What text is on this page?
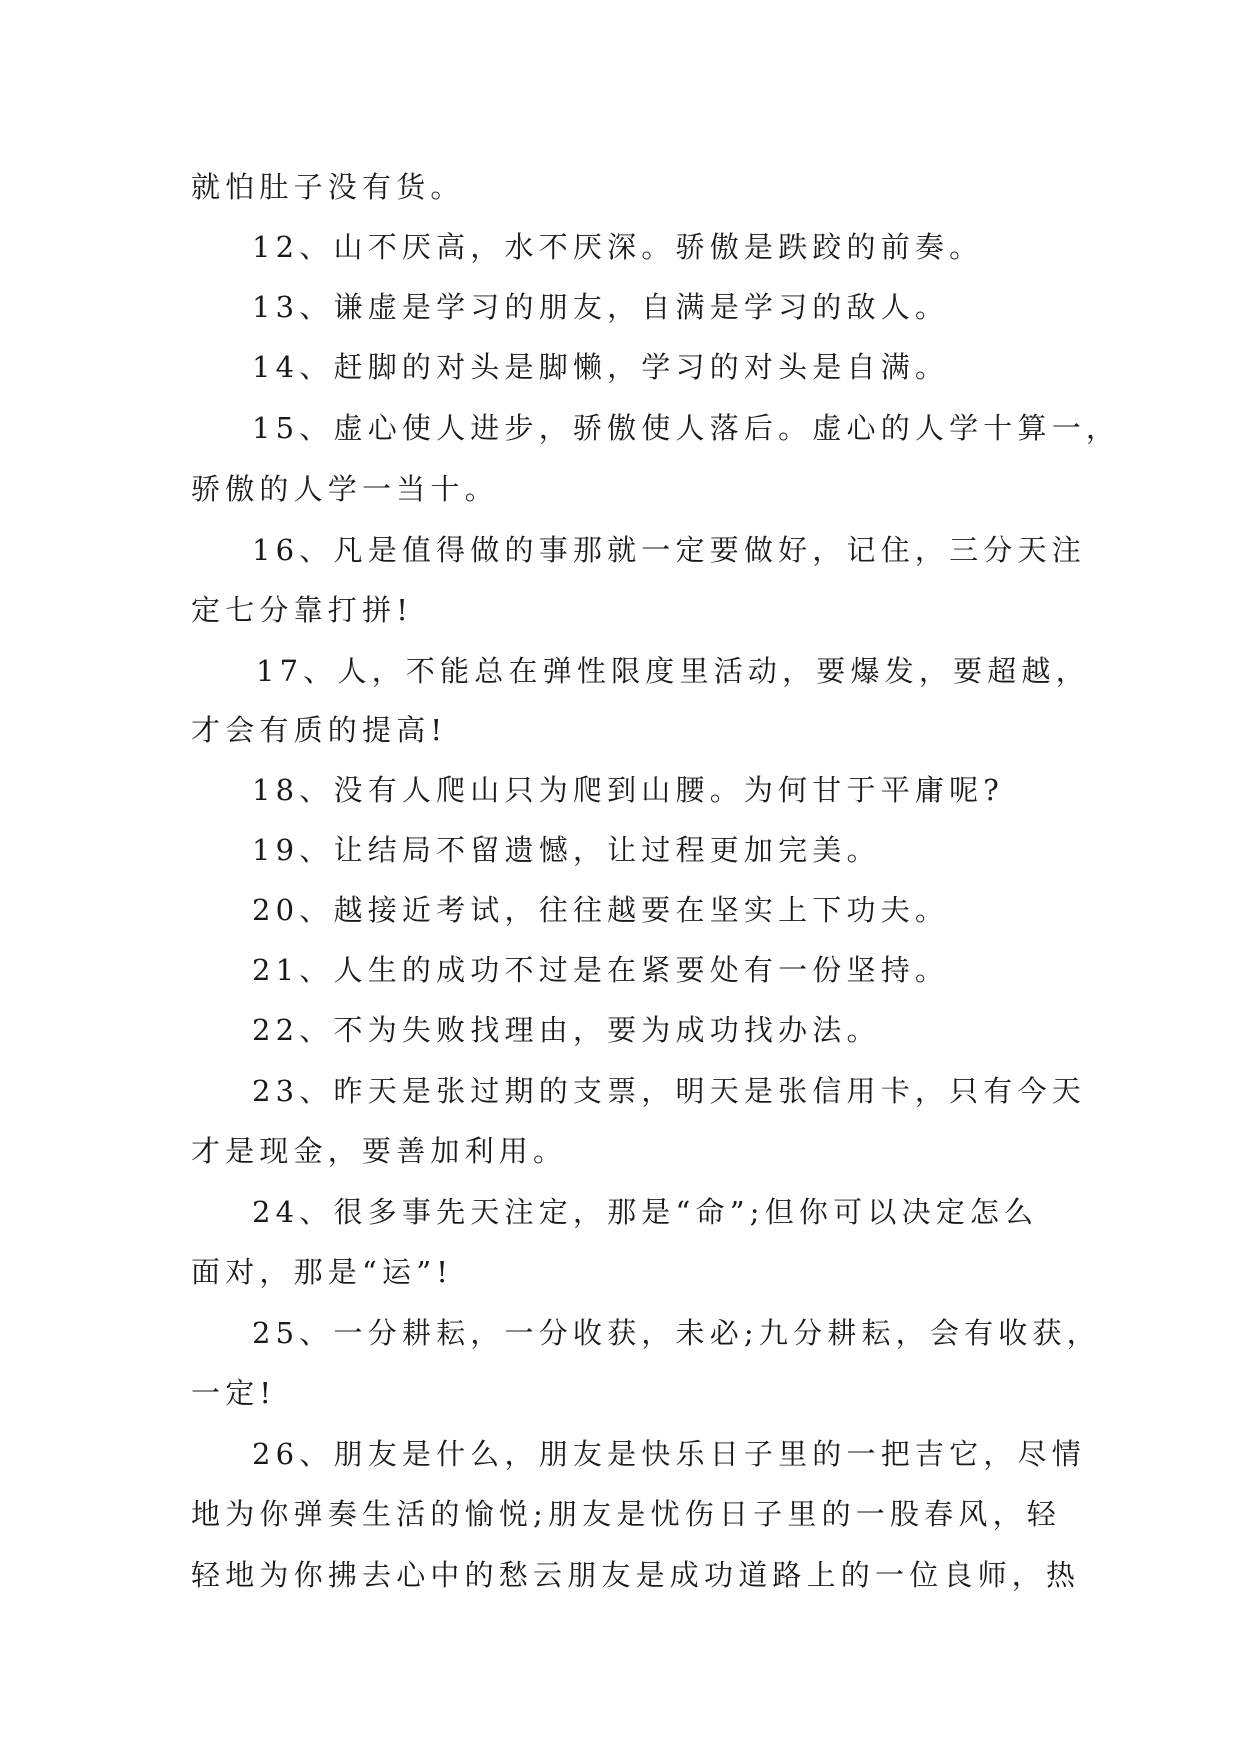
就怕肚子没有货。
12、山不厌高，水不厌深。骄傲是跌跤的前奏。
13、谦虚是学习的朋友，自满是学习的敌人。
14、赶脚的对头是脚懒，学习的对头是自满。
15、虚心使人进步，骄傲使人落后。虚心的人学十算一，
骄傲的人学一当十。
16、凡是值得做的事那就一定要做好，记住，三分天注
定七分靠打拼!
17、人，不能总在弹性限度里活动，要爆发，要超越，
才会有质的提高!
18、没有人爬山只为爬到山腰。为何甘于平庸呢?
19、让结局不留遗憾，让过程更加完美。
20、越接近考试，往往越要在坚实上下功夫。
21、人生的成功不过是在紧要处有一份坚持。
22、不为失败找理由，要为成功找办法。
23、昨天是张过期的支票，明天是张信用卡，只有今天
才是现金，要善加利用。
24、很多事先天注定，那是“命”;但你可以决定怎么
面对，那是“运”!
25、一分耕耘，一分收获，未必;九分耕耘，会有收获，
一定!
26、朋友是什么，朋友是快乐日子里的一把吉它，尽情
地为你弹奏生活的愉悦;朋友是忧伤日子里的一股春风，轻
轻地为你拂去心中的愁云朋友是成功道路上的一位良师，热
